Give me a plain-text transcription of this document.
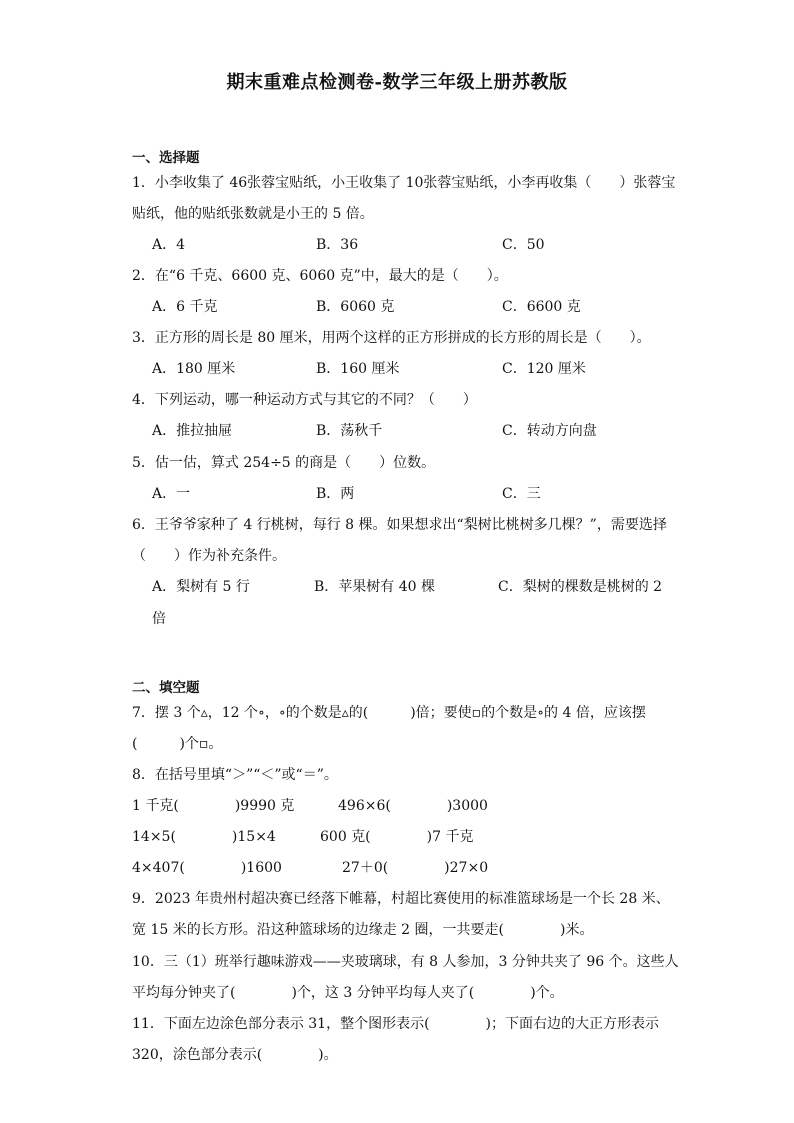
期末重难点检测卷-数学三年级上册苏教版
一、选择题
1．小李收集了 46张蓉宝贴纸，小王收集了 10张蓉宝贴纸，小李再收集（　　）张蓉宝
贴纸，他的贴纸张数就是小王的 5 倍。
A．4	B．36	C．50
2．在“6 千克、6600 克、6060 克”中，最大的是（　　）。
A．6 千克	B．6060 克	C．6600 克
3．正方形的周长是 80 厘米，用两个这样的正方形拼成的长方形的周长是（　　）。
A．180 厘米	B．160 厘米	C．120 厘米
4．下列运动，哪一种运动方式与其它的不同？（　　）
A．推拉抽屉	B．荡秋千	C．转动方向盘
5．估一估，算式 254÷5 的商是（　　）位数。
A．一	B．两	C．三
6．王爷爷家种了 4 行桃树，每行 8 棵。如果想求出“梨树比桃树多几棵？”，需要选择
（　　）作为补充条件。
A．梨树有 5 行	B．苹果树有 40 棵	C．梨树的棵数是桃树的 2
倍
二、填空题
7．摆 3 个▵，12 个∘，∘的个数是▵的(　　　)倍；要使▫的个数是∘的 4 倍，应该摆
(　　　)个▫。
8．在括号里填“＞”“＜”或“＝”。
1 千克(　　　　)9990 克	496×6(　　　　)3000
14×5(　　　　)15×4	600 克(　　　　)7 千克
4×407(　　　　)1600	27＋0(　　　　)27×0
9．2023 年贵州村超决赛已经落下帷幕，村超比赛使用的标准篮球场是一个长 28 米、
宽 15 米的长方形。沿这种篮球场的边缘走 2 圈，一共要走(　　　　)米。
10．三（1）班举行趣味游戏——夹玻璃球，有 8 人参加，3 分钟共夹了 96 个。这些人
平均每分钟夹了(　　　　)个，这 3 分钟平均每人夹了(　　　　)个。
11．下面左边涂色部分表示 31，整个图形表示(　　　　)；下面右边的大正方形表示
320，涂色部分表示(　　　　)。
